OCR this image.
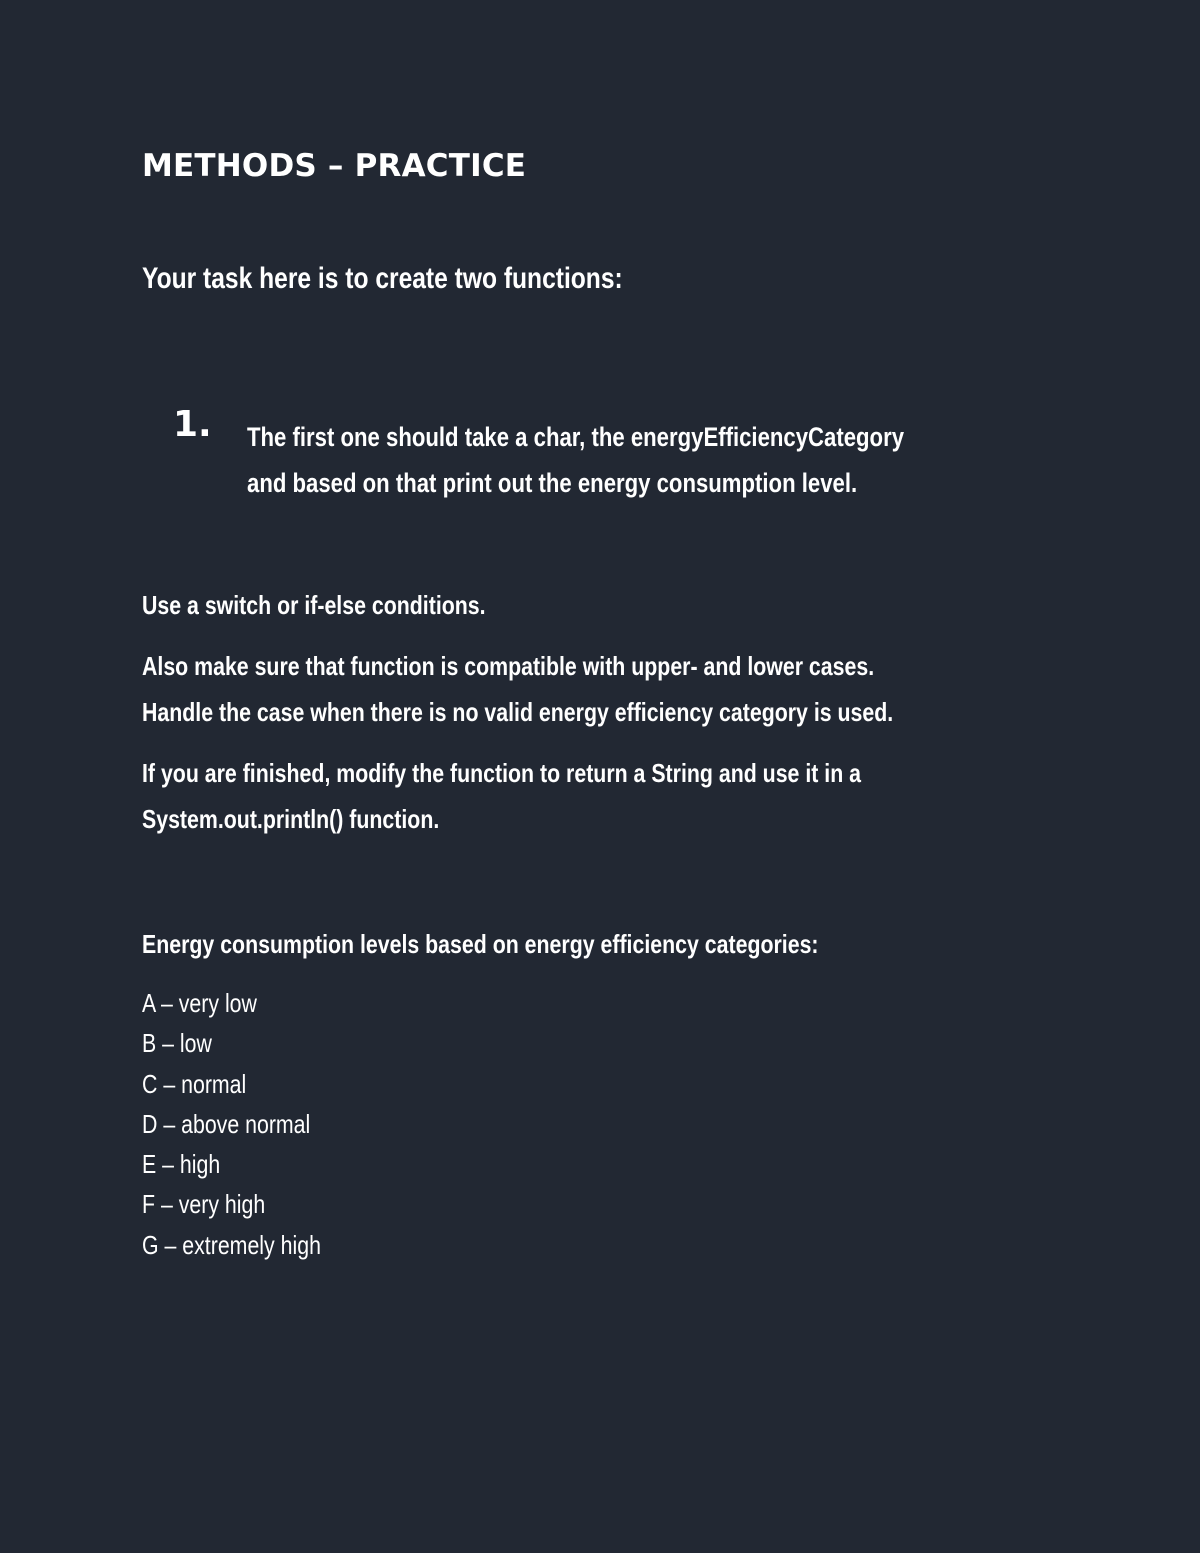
METHODS – PRACTICE
Your task here is to create two functions:
1. The first one should take a char, the energyEfficiencyCategory
and based on that print out the energy consumption level.
Use a switch or if-else conditions.
Also make sure that function is compatible with upper- and lower cases.
Handle the case when there is no valid energy efficiency category is used.
If you are finished, modify the function to return a String and use it in a
System.out.println() function.
Energy consumption levels based on energy efficiency categories:
A – very low
B – low
C – normal
D – above normal
E – high
F – very high
G – extremely high
